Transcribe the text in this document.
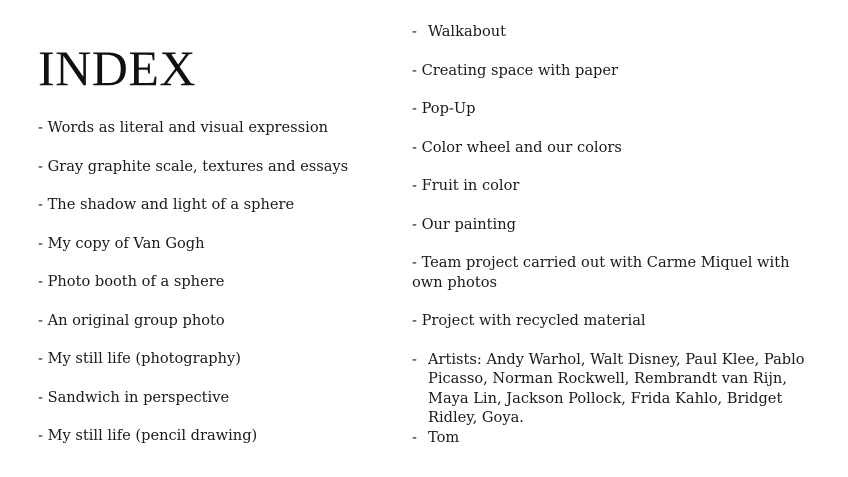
INDEX
- Words as literal and visual expression
- Gray graphite scale, textures and essays
- The shadow and light of a sphere
- My copy of Van Gogh
- Photo booth of a sphere
- An original group photo
- My still life (photography)
- Sandwich in perspective
- My still life (pencil drawing)
- Walkabout
- Creating space with paper
- Pop-Up
- Color wheel and our colors
- Fruit in color
- Our painting
- Team project carried out with Carme Miquel with own photos
- Project with recycled material
- Artists: Andy Warhol, Walt Disney, Paul Klee, Pablo Picasso, Norman Rockwell, Rembrandt van Rijn, Maya Lin, Jackson Pollock, Frida Kahlo, Bridget Ridley, Goya.
- Tom
